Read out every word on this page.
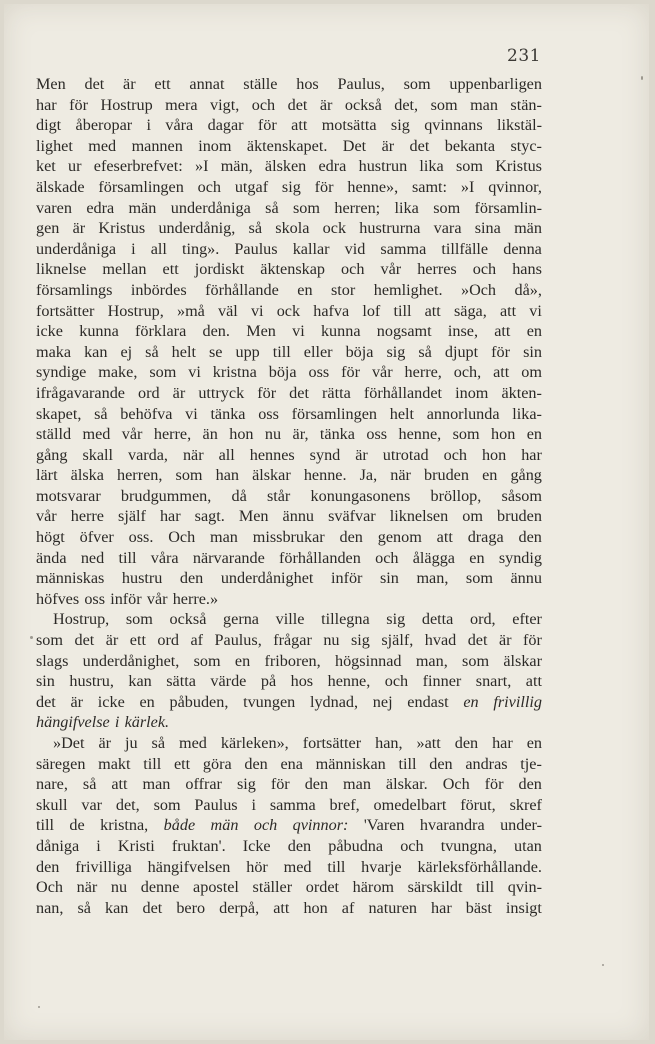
231
Men det är ett annat ställe hos Paulus, som uppenbarligen
har för Hostrup mera vigt, och det är också det, som man stän-
digt åberopar i våra dagar för att motsätta sig qvinnans likstäl-
lighet med mannen inom äktenskapet. Det är det bekanta styc-
ket ur efeserbrefvet: »I män, älsken edra hustrun lika som Kristus
älskade församlingen och utgaf sig för henne», samt: »I qvinnor,
varen edra män underdåniga så som herren; lika som församlin-
gen är Kristus underdånig, så skola ock hustrurna vara sina män
underdåniga i all ting». Paulus kallar vid samma tillfälle denna
liknelse mellan ett jordiskt äktenskap och vår herres och hans
församlings inbördes förhållande en stor hemlighet. »Och då»,
fortsätter Hostrup, »må väl vi ock hafva lof till att säga, att vi
icke kunna förklara den. Men vi kunna nogsamt inse, att en
maka kan ej så helt se upp till eller böja sig så djupt för sin
syndige make, som vi kristna böja oss för vår herre, och, att om
ifrågavarande ord är uttryck för det rätta förhållandet inom äkten-
skapet, så behöfva vi tänka oss församlingen helt annorlunda lika-
ställd med vår herre, än hon nu är, tänka oss henne, som hon en
gång skall varda, när all hennes synd är utrotad och hon har
lärt älska herren, som han älskar henne. Ja, när bruden en gång
motsvarar brudgummen, då står konungasonens bröllop, såsom
vår herre själf har sagt. Men ännu sväfvar liknelsen om bruden
högt öfver oss. Och man missbrukar den genom att draga den
ända ned till våra närvarande förhållanden och ålägga en syndig
människas hustru den underdånighet inför sin man, som ännu
höfves oss inför vår herre.»
Hostrup, som också gerna ville tillegna sig detta ord, efter
som det är ett ord af Paulus, frågar nu sig själf, hvad det är för
slags underdånighet, som en friboren, högsinnad man, som älskar
sin hustru, kan sätta värde på hos henne, och finner snart, att
det är icke en påbuden, tvungen lydnad, nej endast en frivillig
hängifvelse i kärlek.
»Det är ju så med kärleken», fortsätter han, »att den har en
säregen makt till ett göra den ena människan till den andras tje-
nare, så att man offrar sig för den man älskar. Och för den
skull var det, som Paulus i samma bref, omedelbart förut, skref
till de kristna, både män och qvinnor: 'Varen hvarandra under-
dåniga i Kristi fruktan'. Icke den påbudna och tvungna, utan
den frivilliga hängifvelsen hör med till hvarje kärleksförhållande.
Och när nu denne apostel ställer ordet härom särskildt till qvin-
nan, så kan det bero derpå, att hon af naturen har bäst insigt
